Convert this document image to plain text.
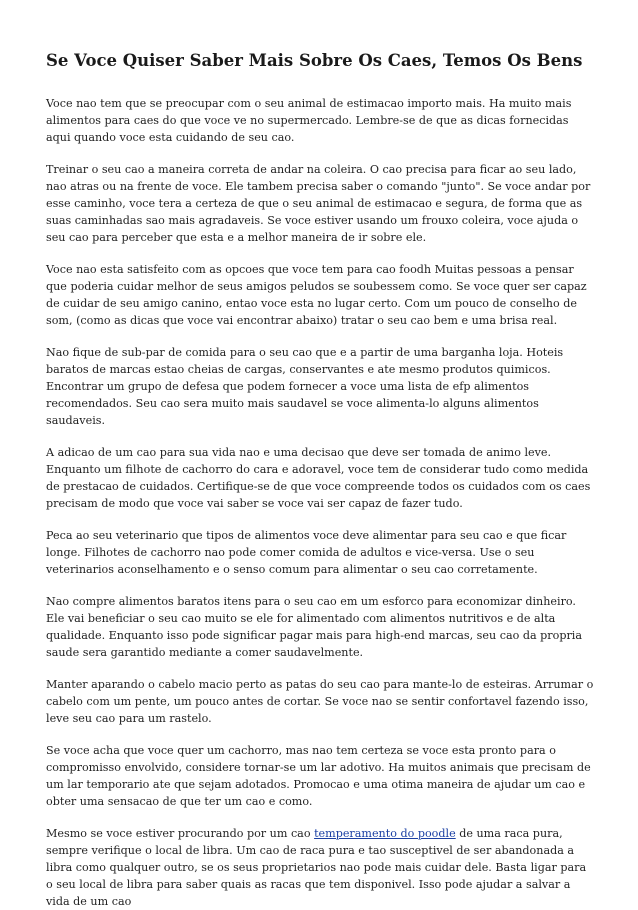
Se Voce Quiser Saber Mais Sobre Os Caes, Temos Os Bens

Voce nao tem que se preocupar com o seu animal de estimacao importo mais. Ha muito mais alimentos para caes do que voce ve no supermercado. Lembre-se de que as dicas fornecidas aqui quando voce esta cuidando de seu cao.

Treinar o seu cao a maneira correta de andar na coleira. O cao precisa para ficar ao seu lado, nao atras ou na frente de voce. Ele tambem precisa saber o comando "junto". Se voce andar por esse caminho, voce tera a certeza de que o seu animal de estimacao e segura, de forma que as suas caminhadas sao mais agradaveis. Se voce estiver usando um frouxo coleira, voce ajuda o seu cao para perceber que esta e a melhor maneira de ir sobre ele.

Voce nao esta satisfeito com as opcoes que voce tem para cao foodh Muitas pessoas a pensar que poderia cuidar melhor de seus amigos peludos se soubessem como. Se voce quer ser capaz de cuidar de seu amigo canino, entao voce esta no lugar certo. Com um pouco de conselho de som, (como as dicas que voce vai encontrar abaixo) tratar o seu cao bem e uma brisa real.

Nao fique de sub-par de comida para o seu cao que e a partir de uma barganha loja. Hoteis baratos de marcas estao cheias de cargas, conservantes e ate mesmo produtos quimicos. Encontrar um grupo de defesa que podem fornecer a voce uma lista de efp alimentos recomendados. Seu cao sera muito mais saudavel se voce alimenta-lo alguns alimentos saudaveis.

A adicao de um cao para sua vida nao e uma decisao que deve ser tomada de animo leve. Enquanto um filhote de cachorro do cara e adoravel, voce tem de considerar tudo como medida de prestacao de cuidados. Certifique-se de que voce compreende todos os cuidados com os caes precisam de modo que voce vai saber se voce vai ser capaz de fazer tudo.

Peca ao seu veterinario que tipos de alimentos voce deve alimentar para seu cao e que ficar longe. Filhotes de cachorro nao pode comer comida de adultos e vice-versa. Use o seu veterinarios aconselhamento e o senso comum para alimentar o seu cao corretamente.

Nao compre alimentos baratos itens para o seu cao em um esforco para economizar dinheiro. Ele vai beneficiar o seu cao muito se ele for alimentado com alimentos nutritivos e de alta qualidade. Enquanto isso pode significar pagar mais para high-end marcas, seu cao da propria saude sera garantido mediante a comer saudavelmente.

Manter aparando o cabelo macio perto as patas do seu cao para mante-lo de esteiras. Arrumar o cabelo com um pente, um pouco antes de cortar. Se voce nao se sentir confortavel fazendo isso, leve seu cao para um rastelo.

Se voce acha que voce quer um cachorro, mas nao tem certeza se voce esta pronto para o compromisso envolvido, considere tornar-se um lar adotivo. Ha muitos animais que precisam de um lar temporario ate que sejam adotados. Promocao e uma otima maneira de ajudar um cao e obter uma sensacao de que ter um cao e como.

Mesmo se voce estiver procurando por um cao temperamento do poodle de uma raca pura, sempre verifique o local de libra. Um cao de raca pura e tao susceptivel de ser abandonada a libra como qualquer outro, se os seus proprietarios nao pode mais cuidar dele. Basta ligar para o seu local de libra para saber quais as racas que tem disponivel. Isso pode ajudar a salvar a vida de um cao
